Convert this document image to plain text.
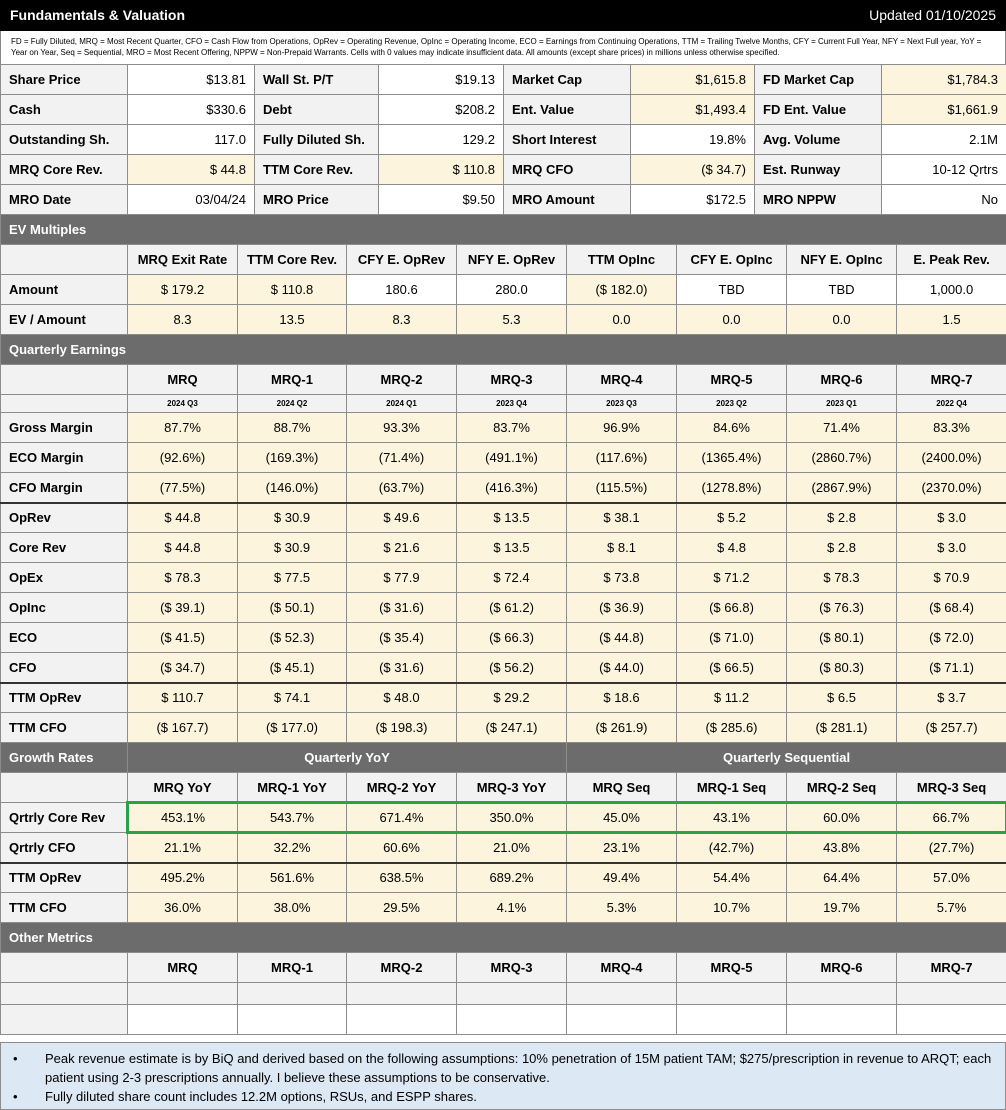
Fundamentals & Valuation	Updated 01/10/2025
FD = Fully Diluted, MRQ = Most Recent Quarter, CFO = Cash Flow from Operations, OpRev = Operating Revenue, OpInc = Operating Income, ECO = Earnings from Continuing Operations, TTM = Trailing Twelve Months, CFY = Current Full Year, NFY = Next Full year, YoY = Year on Year, Seq = Sequential, MRO = Most Recent Offering, NPPW = Non-Prepaid Warrants. Cells with 0 values may indicate insufficient data. All amounts (except share prices) in millions unless otherwise specified.
Share Price	$13.81	Wall St. P/T	$19.13	Market Cap	$1,615.8	FD Market Cap	$1,784.3
Cash	$330.6	Debt	$208.2	Ent. Value	$1,493.4	FD Ent. Value	$1,661.9
Outstanding Sh.	117.0	Fully Diluted Sh.	129.2	Short Interest	19.8%	Avg. Volume	2.1M
MRQ Core Rev.	$ 44.8	TTM Core Rev.	$ 110.8	MRQ CFO	($ 34.7)	Est. Runway	10-12 Qrtrs
MRO Date	03/04/24	MRO Price	$9.50	MRO Amount	$172.5	MRO NPPW	No
EV Multiples								
	MRQ Exit Rate	TTM Core Rev.	CFY E. OpRev	NFY E. OpRev	TTM OpInc	CFY E. OpInc	NFY E. OpInc	E. Peak Rev.
Amount	$ 179.2	$ 110.8	180.6	280.0	($ 182.0)	TBD	TBD	1,000.0
EV / Amount	8.3	13.5	8.3	5.3	0.0	0.0	0.0	1.5
Quarterly Earnings								
	MRQ	MRQ-1	MRQ-2	MRQ-3	MRQ-4	MRQ-5	MRQ-6	MRQ-7
	2024 Q3	2024 Q2	2024 Q1	2023 Q4	2023 Q3	2023 Q2	2023 Q1	2022 Q4
Gross Margin	87.7%	88.7%	93.3%	83.7%	96.9%	84.6%	71.4%	83.3%
ECO Margin	(92.6%)	(169.3%)	(71.4%)	(491.1%)	(117.6%)	(1365.4%)	(2860.7%)	(2400.0%)
CFO Margin	(77.5%)	(146.0%)	(63.7%)	(416.3%)	(115.5%)	(1278.8%)	(2867.9%)	(2370.0%)
OpRev	$ 44.8	$ 30.9	$ 49.6	$ 13.5	$ 38.1	$ 5.2	$ 2.8	$ 3.0
Core Rev	$ 44.8	$ 30.9	$ 21.6	$ 13.5	$ 8.1	$ 4.8	$ 2.8	$ 3.0
OpEx	$ 78.3	$ 77.5	$ 77.9	$ 72.4	$ 73.8	$ 71.2	$ 78.3	$ 70.9
OpInc	($ 39.1)	($ 50.1)	($ 31.6)	($ 61.2)	($ 36.9)	($ 66.8)	($ 76.3)	($ 68.4)
ECO	($ 41.5)	($ 52.3)	($ 35.4)	($ 66.3)	($ 44.8)	($ 71.0)	($ 80.1)	($ 72.0)
CFO	($ 34.7)	($ 45.1)	($ 31.6)	($ 56.2)	($ 44.0)	($ 66.5)	($ 80.3)	($ 71.1)
TTM OpRev	$ 110.7	$ 74.1	$ 48.0	$ 29.2	$ 18.6	$ 11.2	$ 6.5	$ 3.7
TTM CFO	($ 167.7)	($ 177.0)	($ 198.3)	($ 247.1)	($ 261.9)	($ 285.6)	($ 281.1)	($ 257.7)
Growth Rates	Quarterly YoY				Quarterly Sequential			
	MRQ YoY	MRQ-1 YoY	MRQ-2 YoY	MRQ-3 YoY	MRQ Seq	MRQ-1 Seq	MRQ-2 Seq	MRQ-3 Seq
Qrtrly Core Rev	453.1%	543.7%	671.4%	350.0%	45.0%	43.1%	60.0%	66.7%
Qrtrly CFO	21.1%	32.2%	60.6%	21.0%	23.1%	(42.7%)	43.8%	(27.7%)
TTM OpRev	495.2%	561.6%	638.5%	689.2%	49.4%	54.4%	64.4%	57.0%
TTM CFO	36.0%	38.0%	29.5%	4.1%	5.3%	10.7%	19.7%	5.7%
Other Metrics								
	MRQ	MRQ-1	MRQ-2	MRQ-3	MRQ-4	MRQ-5	MRQ-6	MRQ-7

• Peak revenue estimate is by BiQ and derived based on the following assumptions: 10% penetration of 15M patient TAM; $275/prescription in revenue to ARQT; each patient using 2-3 prescriptions annually. I believe these assumptions to be conservative.
• Fully diluted share count includes 12.2M options, RSUs, and ESPP shares.
